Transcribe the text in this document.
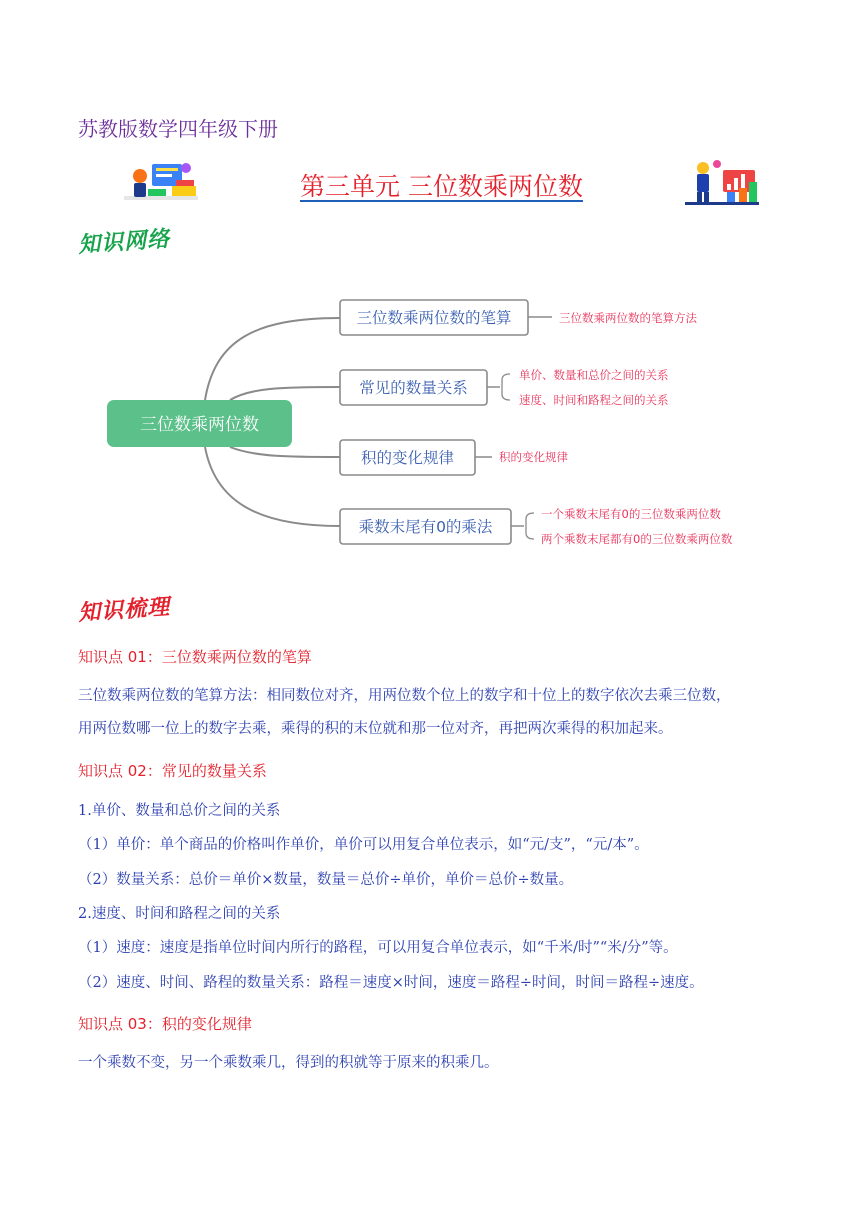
苏教版数学四年级下册
第三单元 三位数乘两位数
知识网络
三位数乘两位数
三位数乘两位数的笔算	三位数乘两位数的笔算方法
常见的数量关系
单价、数量和总价之间的关系
速度、时间和路程之间的关系
积的变化规律	积的变化规律
乘数末尾有0的乘法
一个乘数末尾有0的三位数乘两位数
两个乘数末尾都有0的三位数乘两位数
知识梳理
知识点 01：三位数乘两位数的笔算
三位数乘两位数的笔算方法：相同数位对齐，用两位数个位上的数字和十位上的数字依次去乘三位数，
用两位数哪一位上的数字去乘，乘得的积的末位就和那一位对齐，再把两次乘得的积加起来。
知识点 02：常见的数量关系
1.单价、数量和总价之间的关系
（1）单价：单个商品的价格叫作单价，单价可以用复合单位表示，如“元/支”，“元/本”。
（2）数量关系：总价＝单价×数量，数量＝总价÷单价，单价＝总价÷数量。
2.速度、时间和路程之间的关系
（1）速度：速度是指单位时间内所行的路程，可以用复合单位表示，如“千米/时”“米/分”等。
（2）速度、时间、路程的数量关系：路程＝速度×时间，速度＝路程÷时间，时间＝路程÷速度。
知识点 03：积的变化规律
一个乘数不变，另一个乘数乘几，得到的积就等于原来的积乘几。
